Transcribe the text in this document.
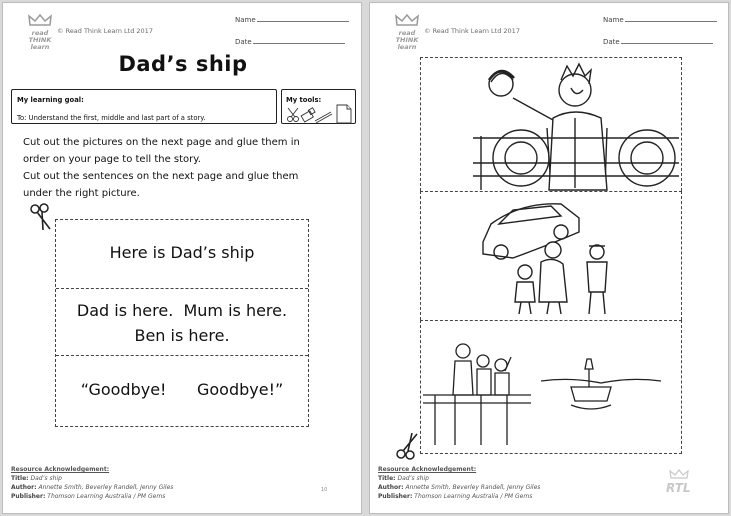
read
THINK
learn
© Read Think Learn Ltd 2017
Name
Date
Dad’s ship
My learning goal:
To: Understand the first, middle and last part of a story.
My tools:
Cut out the pictures on the next page and glue them in
order on your page to tell the story.
Cut out the sentences on the next page and glue them
under the right picture.
Here is Dad’s ship
Dad is here.  Mum is here.
Ben is here.
“Goodbye!      Goodbye!”
Resource Acknowledgement:
Title: Dad’s ship
Author: Annette Smith, Beverley Randell, Jenny Giles
Publisher: Thomson Learning Australia / PM Gems
10
read
THINK
learn
© Read Think Learn Ltd 2017
Name
Date
Resource Acknowledgement:
Title: Dad’s ship
Author: Annette Smith, Beverley Randell, Jenny Giles
Publisher: Thomson Learning Australia / PM Gems
RTL
